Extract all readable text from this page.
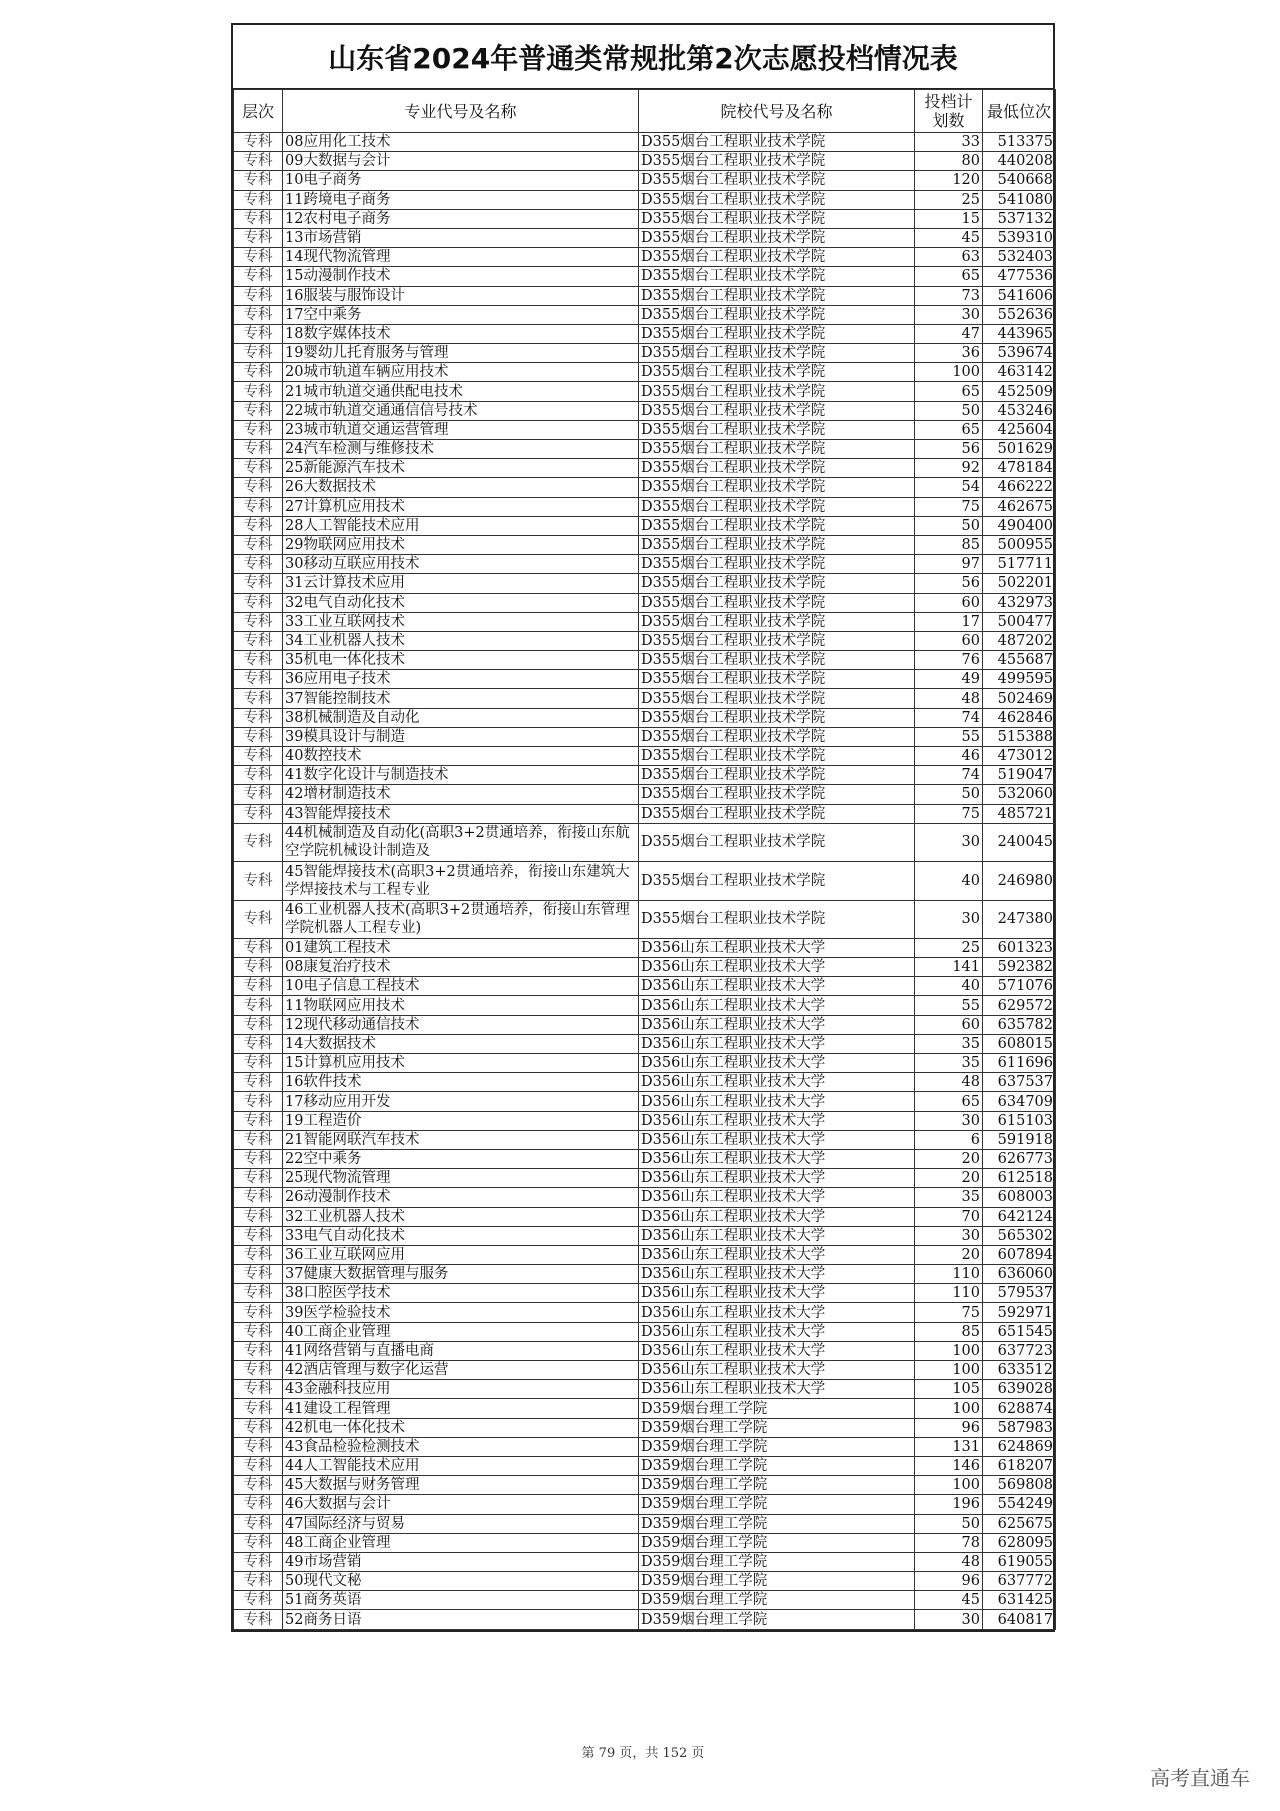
山东省2024年普通类常规批第2次志愿投档情况表
层次	专业代号及名称	院校代号及名称	投档计划数	最低位次
专科	08应用化工技术	D355烟台工程职业技术学院	33	513375
专科	09大数据与会计	D355烟台工程职业技术学院	80	440208
专科	10电子商务	D355烟台工程职业技术学院	120	540668
专科	11跨境电子商务	D355烟台工程职业技术学院	25	541080
专科	12农村电子商务	D355烟台工程职业技术学院	15	537132
专科	13市场营销	D355烟台工程职业技术学院	45	539310
专科	14现代物流管理	D355烟台工程职业技术学院	63	532403
专科	15动漫制作技术	D355烟台工程职业技术学院	65	477536
专科	16服装与服饰设计	D355烟台工程职业技术学院	73	541606
专科	17空中乘务	D355烟台工程职业技术学院	30	552636
专科	18数字媒体技术	D355烟台工程职业技术学院	47	443965
专科	19婴幼儿托育服务与管理	D355烟台工程职业技术学院	36	539674
专科	20城市轨道车辆应用技术	D355烟台工程职业技术学院	100	463142
专科	21城市轨道交通供配电技术	D355烟台工程职业技术学院	65	452509
专科	22城市轨道交通通信信号技术	D355烟台工程职业技术学院	50	453246
专科	23城市轨道交通运营管理	D355烟台工程职业技术学院	65	425604
专科	24汽车检测与维修技术	D355烟台工程职业技术学院	56	501629
专科	25新能源汽车技术	D355烟台工程职业技术学院	92	478184
专科	26大数据技术	D355烟台工程职业技术学院	54	466222
专科	27计算机应用技术	D355烟台工程职业技术学院	75	462675
专科	28人工智能技术应用	D355烟台工程职业技术学院	50	490400
专科	29物联网应用技术	D355烟台工程职业技术学院	85	500955
专科	30移动互联应用技术	D355烟台工程职业技术学院	97	517711
专科	31云计算技术应用	D355烟台工程职业技术学院	56	502201
专科	32电气自动化技术	D355烟台工程职业技术学院	60	432973
专科	33工业互联网技术	D355烟台工程职业技术学院	17	500477
专科	34工业机器人技术	D355烟台工程职业技术学院	60	487202
专科	35机电一体化技术	D355烟台工程职业技术学院	76	455687
专科	36应用电子技术	D355烟台工程职业技术学院	49	499595
专科	37智能控制技术	D355烟台工程职业技术学院	48	502469
专科	38机械制造及自动化	D355烟台工程职业技术学院	74	462846
专科	39模具设计与制造	D355烟台工程职业技术学院	55	515388
专科	40数控技术	D355烟台工程职业技术学院	46	473012
专科	41数字化设计与制造技术	D355烟台工程职业技术学院	74	519047
专科	42增材制造技术	D355烟台工程职业技术学院	50	532060
专科	43智能焊接技术	D355烟台工程职业技术学院	75	485721
专科	44机械制造及自动化(高职3+2贯通培养，衔接山东航空学院机械设计制造及	D355烟台工程职业技术学院	30	240045
专科	45智能焊接技术(高职3+2贯通培养，衔接山东建筑大学焊接技术与工程专业	D355烟台工程职业技术学院	40	246980
专科	46工业机器人技术(高职3+2贯通培养，衔接山东管理学院机器人工程专业)	D355烟台工程职业技术学院	30	247380
专科	01建筑工程技术	D356山东工程职业技术大学	25	601323
专科	08康复治疗技术	D356山东工程职业技术大学	141	592382
专科	10电子信息工程技术	D356山东工程职业技术大学	40	571076
专科	11物联网应用技术	D356山东工程职业技术大学	55	629572
专科	12现代移动通信技术	D356山东工程职业技术大学	60	635782
专科	14大数据技术	D356山东工程职业技术大学	35	608015
专科	15计算机应用技术	D356山东工程职业技术大学	35	611696
专科	16软件技术	D356山东工程职业技术大学	48	637537
专科	17移动应用开发	D356山东工程职业技术大学	65	634709
专科	19工程造价	D356山东工程职业技术大学	30	615103
专科	21智能网联汽车技术	D356山东工程职业技术大学	6	591918
专科	22空中乘务	D356山东工程职业技术大学	20	626773
专科	25现代物流管理	D356山东工程职业技术大学	20	612518
专科	26动漫制作技术	D356山东工程职业技术大学	35	608003
专科	32工业机器人技术	D356山东工程职业技术大学	70	642124
专科	33电气自动化技术	D356山东工程职业技术大学	30	565302
专科	36工业互联网应用	D356山东工程职业技术大学	20	607894
专科	37健康大数据管理与服务	D356山东工程职业技术大学	110	636060
专科	38口腔医学技术	D356山东工程职业技术大学	110	579537
专科	39医学检验技术	D356山东工程职业技术大学	75	592971
专科	40工商企业管理	D356山东工程职业技术大学	85	651545
专科	41网络营销与直播电商	D356山东工程职业技术大学	100	637723
专科	42酒店管理与数字化运营	D356山东工程职业技术大学	100	633512
专科	43金融科技应用	D356山东工程职业技术大学	105	639028
专科	41建设工程管理	D359烟台理工学院	100	628874
专科	42机电一体化技术	D359烟台理工学院	96	587983
专科	43食品检验检测技术	D359烟台理工学院	131	624869
专科	44人工智能技术应用	D359烟台理工学院	146	618207
专科	45大数据与财务管理	D359烟台理工学院	100	569808
专科	46大数据与会计	D359烟台理工学院	196	554249
专科	47国际经济与贸易	D359烟台理工学院	50	625675
专科	48工商企业管理	D359烟台理工学院	78	628095
专科	49市场营销	D359烟台理工学院	48	619055
专科	50现代文秘	D359烟台理工学院	96	637772
专科	51商务英语	D359烟台理工学院	45	631425
专科	52商务日语	D359烟台理工学院	30	640817
第 79 页，共 152 页
高考直通车
